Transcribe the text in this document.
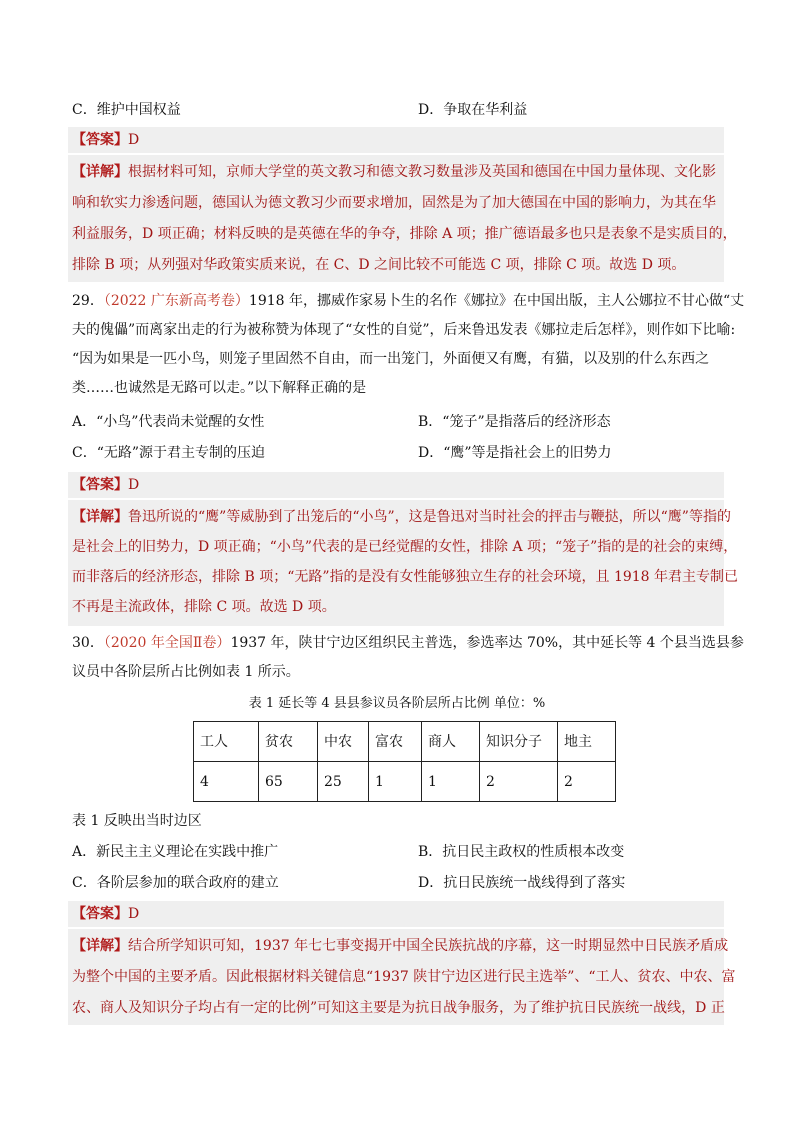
C．维护中国权益	D．争取在华利益
【答案】D
【详解】根据材料可知，京师大学堂的英文教习和德文教习数量涉及英国和德国在中国力量体现、文化影
响和软实力渗透问题，德国认为德文教习少而要求增加，固然是为了加大德国在中国的影响力，为其在华
利益服务，D 项正确；材料反映的是英德在华的争夺，排除 A 项；推广德语最多也只是表象不是实质目的，
排除 B 项；从列强对华政策实质来说，在 C、D 之间比较不可能选 C 项，排除 C 项。故选 D 项。
29．（2022 广东新高考卷）1918 年，挪威作家易卜生的名作《娜拉》在中国出版，主人公娜拉不甘心做“丈
夫的傀儡”而离家出走的行为被称赞为体现了“女性的自觉”，后来鲁迅发表《娜拉走后怎样》，则作如下比喻:
“因为如果是一匹小鸟，则笼子里固然不自由，而一出笼门，外面便又有鹰，有猫，以及别的什么东西之
类……也诚然是无路可以走。”以下解释正确的是
A．“小鸟”代表尚未觉醒的女性	B．“笼子”是指落后的经济形态
C．“无路”源于君主专制的压迫	D．“鹰”等是指社会上的旧势力
【答案】D
【详解】鲁迅所说的“鹰”等威胁到了出笼后的“小鸟”，这是鲁迅对当时社会的抨击与鞭挞，所以“鹰”等指的
是社会上的旧势力，D 项正确；“小鸟”代表的是已经觉醒的女性，排除 A 项；“笼子”指的是的社会的束缚，
而非落后的经济形态，排除 B 项；“无路”指的是没有女性能够独立生存的社会环境，且 1918 年君主专制已
不再是主流政体，排除 C 项。故选 D 项。
30．（2020 年全国Ⅱ卷）1937 年，陕甘宁边区组织民主普选，参选率达 70%，其中延长等 4 个县当选县参
议员中各阶层所占比例如表 1 所示。
表 1 延长等 4 县县参议员各阶层所占比例 单位：%
工人	贫农	中农	富农	商人	知识分子	地主
4	65	25	1	1	2	2
表 1 反映出当时边区
A．新民主主义理论在实践中推广	B．抗日民主政权的性质根本改变
C．各阶层参加的联合政府的建立	D．抗日民族统一战线得到了落实
【答案】D
【详解】结合所学知识可知，1937 年七七事变揭开中国全民族抗战的序幕，这一时期显然中日民族矛盾成
为整个中国的主要矛盾。因此根据材料关键信息“1937 陕甘宁边区进行民主选举”、“工人、贫农、中农、富
农、商人及知识分子均占有一定的比例”可知这主要是为抗日战争服务，为了维护抗日民族统一战线，D 正
